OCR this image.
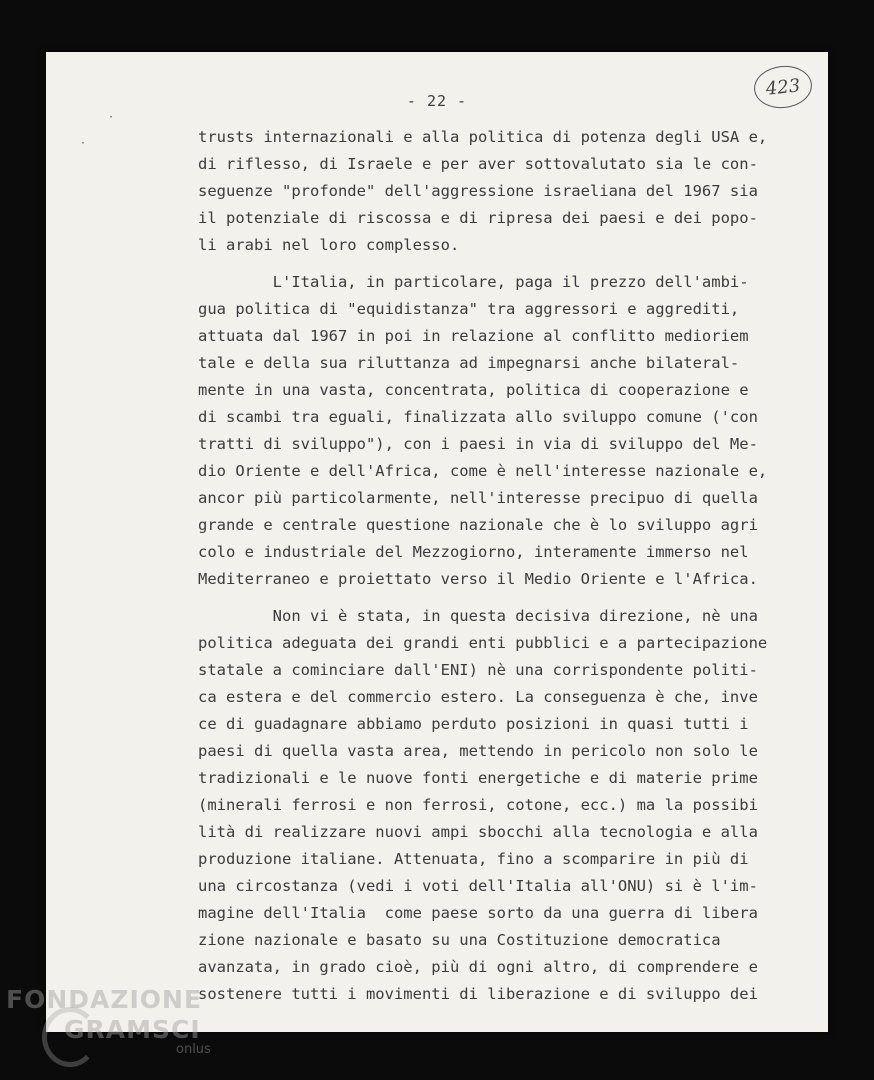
·
·
- 22 -
423
trusts internazionali e alla politica di potenza degli USA e,
di riflesso, di Israele e per aver sottovalutato sia le con-
seguenze "profonde" dell'aggressione israeliana del 1967 sia
il potenziale di riscossa e di ripresa dei paesi e dei popo-
li arabi nel loro complesso.
L'Italia, in particolare, paga il prezzo dell'ambi-
gua politica di "equidistanza" tra aggressori e aggrediti,
attuata dal 1967 in poi in relazione al conflitto medioriem
tale e della sua riluttanza ad impegnarsi anche bilateral-
mente in una vasta, concentrata, politica di cooperazione e
di scambi tra eguali, finalizzata allo sviluppo comune ('con
tratti di sviluppo"), con i paesi in via di sviluppo del Me-
dio Oriente e dell'Africa, come è nell'interesse nazionale e,
ancor più particolarmente, nell'interesse precipuo di quella
grande e centrale questione nazionale che è lo sviluppo agri
colo e industriale del Mezzogiorno, interamente immerso nel
Mediterraneo e proiettato verso il Medio Oriente e l'Africa.
Non vi è stata, in questa decisiva direzione, nè una
politica adeguata dei grandi enti pubblici e a partecipazione
statale a cominciare dall'ENI) nè una corrispondente politi-
ca estera e del commercio estero. La conseguenza è che, inve
ce di guadagnare abbiamo perduto posizioni in quasi tutti i
paesi di quella vasta area, mettendo in pericolo non solo le
tradizionali e le nuove fonti energetiche e di materie prime
(minerali ferrosi e non ferrosi, cotone, ecc.) ma la possibi
lità di realizzare nuovi ampi sbocchi alla tecnologia e alla
produzione italiane. Attenuata, fino a scomparire in più di
una circostanza (vedi i voti dell'Italia all'ONU) si è l'im-
magine dell'Italia  come paese sorto da una guerra di libera
zione nazionale e basato su una Costituzione democratica
avanzata, in grado cioè, più di ogni altro, di comprendere e
sostenere tutti i movimenti di liberazione e di sviluppo dei
FONDAZIONE
GRAMSCI
onlus
